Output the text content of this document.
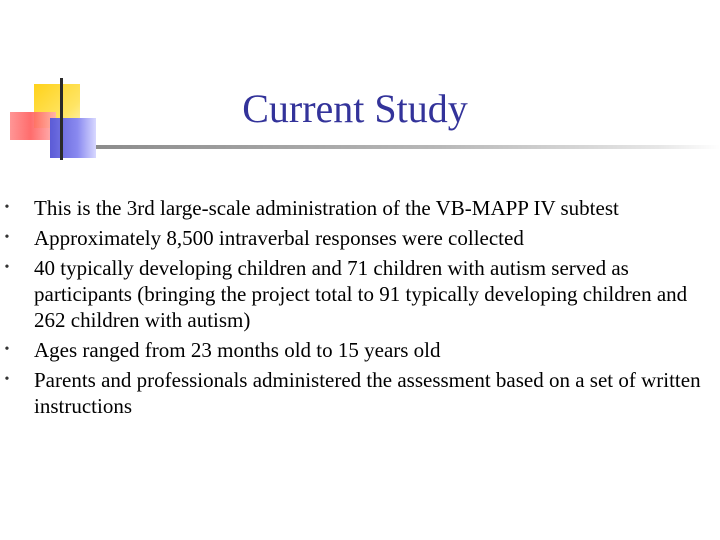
Current Study
• This is the 3rd large-scale administration of the VB-MAPP IV subtest
• Approximately 8,500 intraverbal responses were collected
• 40 typically developing children and 71 children with autism served as participants (bringing the project total to 91 typically developing children and 262 children with autism)
• Ages ranged from 23 months old to 15 years old
• Parents and professionals administered the assessment based on a set of written instructions
